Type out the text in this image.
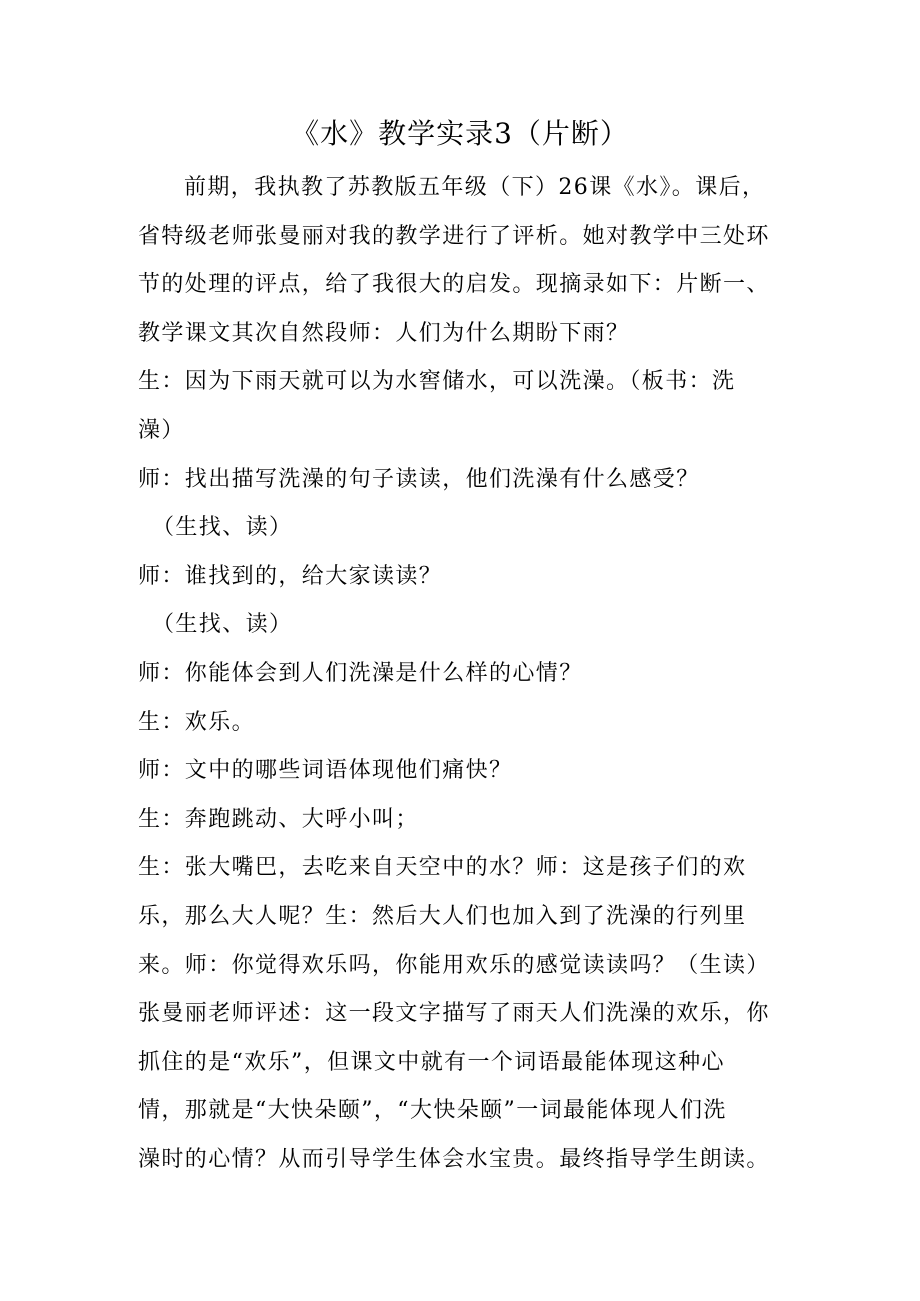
《水》教学实录3（片断）
前期，我执教了苏教版五年级（下）26课《水》。课后，
省特级老师张曼丽对我的教学进行了评析。她对教学中三处环
节的处理的评点，给了我很大的启发。现摘录如下：片断一、
教学课文其次自然段师：人们为什么期盼下雨？
生：因为下雨天就可以为水窖储水，可以洗澡。（板书：洗
澡）
师：找出描写洗澡的句子读读，他们洗澡有什么感受？
（生找、读）
师：谁找到的，给大家读读？
（生找、读）
师：你能体会到人们洗澡是什么样的心情？
生：欢乐。
师：文中的哪些词语体现他们痛快？
生：奔跑跳动、大呼小叫；
生：张大嘴巴，去吃来自天空中的水？师：这是孩子们的欢
乐，那么大人呢？生：然后大人们也加入到了洗澡的行列里
来。师：你觉得欢乐吗，你能用欢乐的感觉读读吗？（生读）
张曼丽老师评述：这一段文字描写了雨天人们洗澡的欢乐，你
抓住的是“欢乐”，但课文中就有一个词语最能体现这种心
情，那就是“大快朵颐”，“大快朵颐”一词最能体现人们洗
澡时的心情？从而引导学生体会水宝贵。最终指导学生朗读。
